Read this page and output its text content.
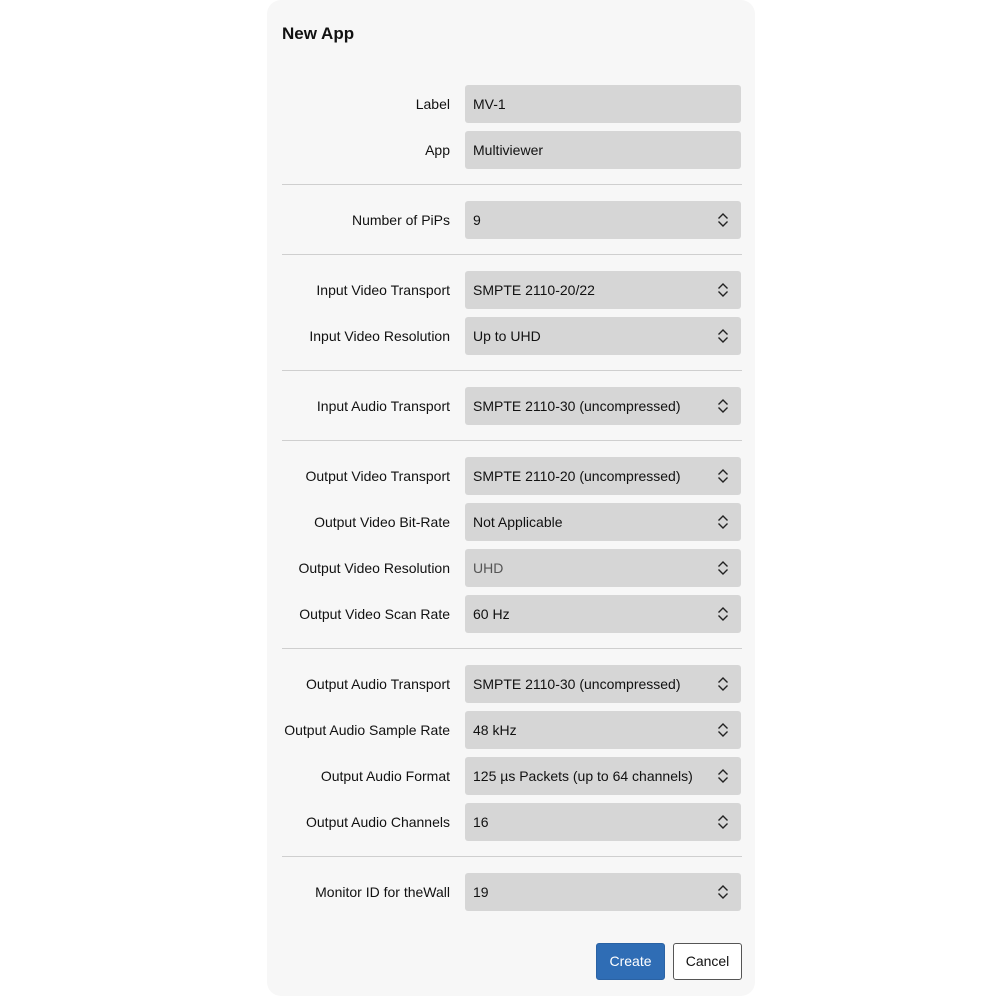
New App
Label	MV-1
App	Multiviewer
Number of PiPs	9
Input Video Transport	SMPTE 2110-20/22
Input Video Resolution	Up to UHD
Input Audio Transport	SMPTE 2110-30 (uncompressed)
Output Video Transport	SMPTE 2110-20 (uncompressed)
Output Video Bit-Rate	Not Applicable
Output Video Resolution	UHD
Output Video Scan Rate	60 Hz
Output Audio Transport	SMPTE 2110-30 (uncompressed)
Output Audio Sample Rate	48 kHz
Output Audio Format	125 µs Packets (up to 64 channels)
Output Audio Channels	16
Monitor ID for theWall	19
Create	Cancel
